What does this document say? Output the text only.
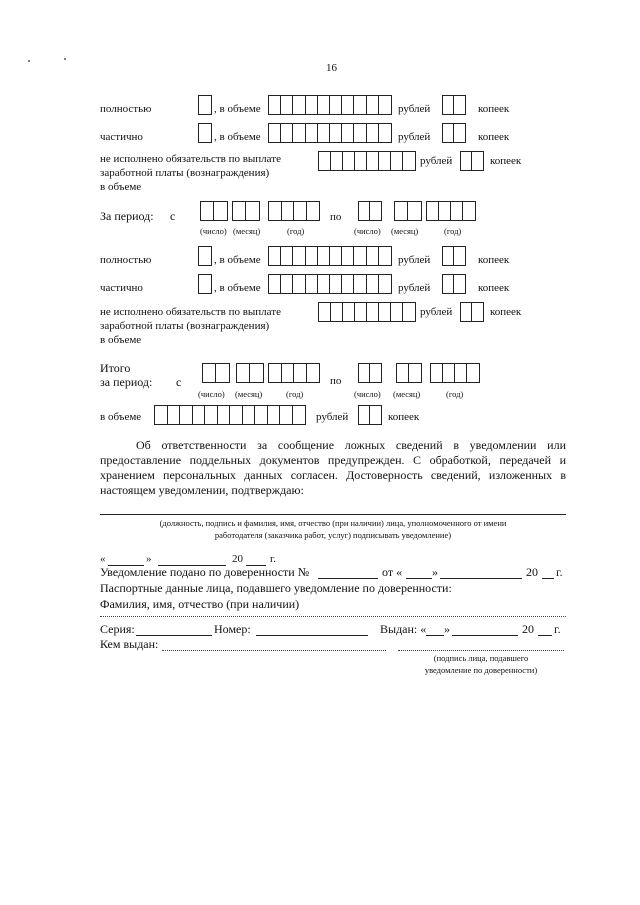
16
полностью	, в объеме	рублей	копеек
частично	, в объеме	рублей	копеек
не исполнено обязательств по выплате
заработной платы (вознаграждения)
в объеме
рублей	копеек
За период: с	по
(число) (месяц)	(год)	(число) (месяц)	(год)
полностью	, в объеме	рублей	копеек
частично	, в объеме	рублей	копеек
не исполнено обязательств по выплате
заработной платы (вознаграждения)
в объеме
рублей	копеек
Итого
за период: с	по
(число) (месяц)	(год)	(число) (месяц)	(год)
в объеме	рублей	копеек
Об ответственности за сообщение ложных сведений в уведомлении или предоставление поддельных документов предупрежден. С обработкой, передачей и хранением персональных данных согласен. Достоверность сведений, изложенных в настоящем уведомлении, подтверждаю:
(должность, подпись и фамилия, имя, отчество (при наличии) лица, уполномоченного от имени
работодателя (заказчика работ, услуг) подписывать уведомление)
«	»	20 г.
Уведомление подано по доверенности №	от « »	20 г.
Паспортные данные лица, подавшего уведомление по доверенности:
Фамилия, имя, отчество (при наличии)
Серия:	Номер:	Выдан: « »	20 г.
Кем выдан:
(подпись лица, подавшего
уведомление по доверенности)
